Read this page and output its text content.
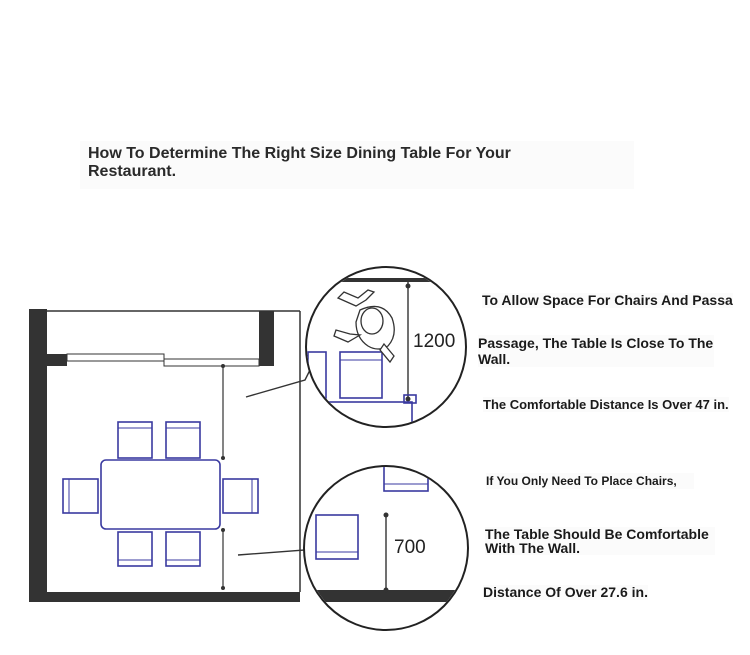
How To Determine The Right Size Dining Table For Your Restaurant.
1200
700
To Allow Space For Chairs And Passa
Passage, The Table Is Close To The Wall.
The Comfortable Distance Is Over 47 in.
If You Only Need To Place Chairs,
The Table Should Be Comfortable With The Wall.
Distance Of Over 27.6 in.
